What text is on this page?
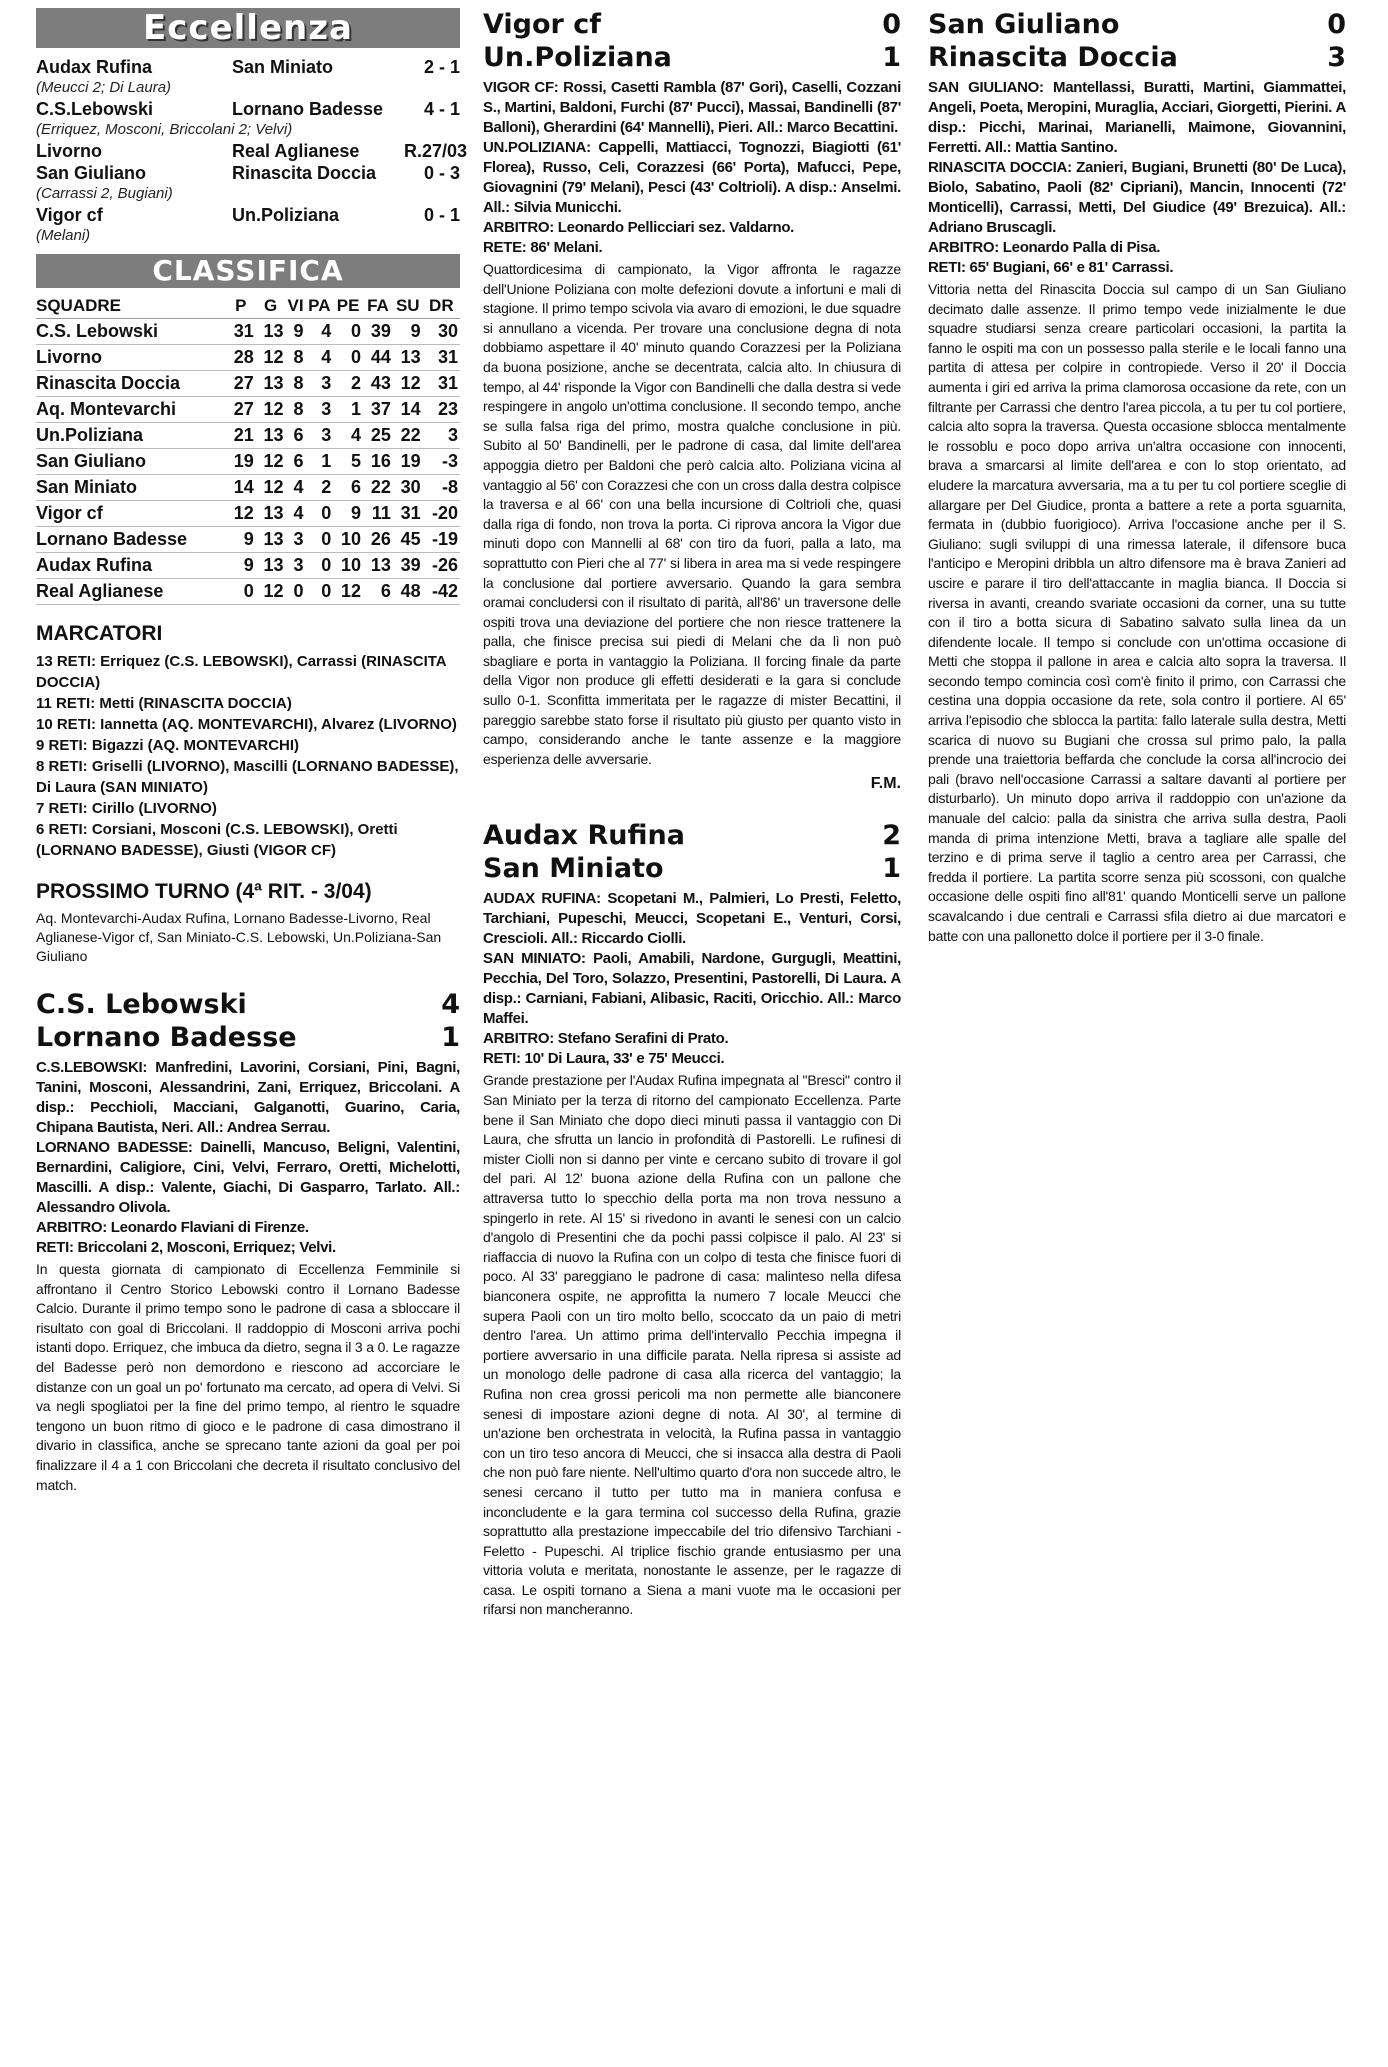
Eccellenza
Audax Rufina	San Miniato	2 - 1
(Meucci 2; Di Laura)
C.S.Lebowski	Lornano Badesse	4 - 1
(Erriquez, Mosconi, Briccolani 2; Velvi)
Livorno	Real Aglianese	R.27/03
San Giuliano	Rinascita Doccia	0 - 3
(Carrassi 2, Bugiani)
Vigor cf	Un.Poliziana	0 - 1
(Melani)
CLASSIFICA
SQUADRE	P	G	VI	PA	PE	FA	SU	DR
C.S. Lebowski	31	13	9	4	0	39	9	30
Livorno	28	12	8	4	0	44	13	31
Rinascita Doccia	27	13	8	3	2	43	12	31
Aq. Montevarchi	27	12	8	3	1	37	14	23
Un.Poliziana	21	13	6	3	4	25	22	3
San Giuliano	19	12	6	1	5	16	19	-3
San Miniato	14	12	4	2	6	22	30	-8
Vigor cf	12	13	4	0	9	11	31	-20
Lornano Badesse	9	13	3	0	10	26	45	-19
Audax Rufina	9	13	3	0	10	13	39	-26
Real Aglianese	0	12	0	0	12	6	48	-42
MARCATORI
13 RETI: Erriquez (C.S. LEBOWSKI), Carrassi (RINASCITA DOCCIA)
11 RETI: Metti (RINASCITA DOCCIA)
10 RETI: Iannetta (AQ. MONTEVARCHI), Alvarez (LIVORNO)
9 RETI: Bigazzi (AQ. MONTEVARCHI)
8 RETI: Griselli (LIVORNO), Mascilli (LORNANO BADESSE), Di Laura (SAN MINIATO)
7 RETI: Cirillo (LIVORNO)
6 RETI: Corsiani, Mosconi (C.S. LEBOWSKI), Oretti (LORNANO BADESSE), Giusti (VIGOR CF)
PROSSIMO TURNO (4ª RIT. - 3/04)
Aq. Montevarchi-Audax Rufina, Lornano Badesse-Livorno, Real Aglianese-Vigor cf, San Miniato-C.S. Lebowski, Un.Poliziana-San Giuliano
C.S. Lebowski	4
Lornano Badesse	1

C.S.LEBOWSKI: Manfredini, Lavorini, Corsiani, Pini, Bagni, Tanini, Mosconi, Alessandrini, Zani, Erriquez, Briccolani. A disp.: Pecchioli, Macciani, Galganotti, Guarino, Caria, Chipana Bautista, Neri. All.: Andrea Serrau.

LORNANO BADESSE: Dainelli, Mancuso, Beligni, Valentini, Bernardini, Caligiore, Cini, Velvi, Ferraro, Oretti, Michelotti, Mascilli. A disp.: Valente, Giachi, Di Gasparro, Tarlato. All.: Alessandro Olivola.

ARBITRO: Leonardo Flaviani di Firenze.

RETI: Briccolani 2, Mosconi, Erriquez; Velvi.

In questa giornata di campionato di Eccellenza Femminile si affrontano il Centro Storico Lebowski contro il Lornano Badesse Calcio. Durante il primo tempo sono le padrone di casa a sbloccare il risultato con goal di Briccolani. Il raddoppio di Mosconi arriva pochi istanti dopo. Erriquez, che imbuca da dietro, segna il 3 a 0. Le ragazze del Badesse però non demordono e riescono ad accorciare le distanze con un goal un po' fortunato ma cercato, ad opera di Velvi. Si va negli spogliatoi per la fine del primo tempo, al rientro le squadre tengono un buon ritmo di gioco e le padrone di casa dimostrano il divario in classifica, anche se sprecano tante azioni da goal per poi finalizzare il 4 a 1 con Briccolani che decreta il risultato conclusivo del match.

Vigor cf	0
Un.Poliziana	1

VIGOR CF: Rossi, Casetti Rambla (87' Gori), Caselli, Cozzani S., Martini, Baldoni, Furchi (87' Pucci), Massai, Bandinelli (87' Balloni), Gherardini (64' Mannelli), Pieri. All.: Marco Becattini.

UN.POLIZIANA: Cappelli, Mattiacci, Tognozzi, Biagiotti (61' Florea), Russo, Celi, Corazzesi (66' Porta), Mafucci, Pepe, Giovagnini (79' Melani), Pesci (43' Coltrioli). A disp.: Anselmi. All.: Silvia Municchi.

ARBITRO: Leonardo Pellicciari sez. Valdarno.

RETE: 86' Melani.

Quattordicesima di campionato, la Vigor affronta le ragazze dell'Unione Poliziana con molte defezioni dovute a infortuni e mali di stagione. Il primo tempo scivola via avaro di emozioni, le due squadre si annullano a vicenda. Per trovare una conclusione degna di nota dobbiamo aspettare il 40' minuto quando Corazzesi per la Poliziana da buona posizione, anche se decentrata, calcia alto. In chiusura di tempo, al 44' risponde la Vigor con Bandinelli che dalla destra si vede respingere in angolo un'ottima conclusione. Il secondo tempo, anche se sulla falsa riga del primo, mostra qualche conclusione in più. Subito al 50' Bandinelli, per le padrone di casa, dal limite dell'area appoggia dietro per Baldoni che però calcia alto. Poliziana vicina al vantaggio al 56' con Corazzesi che con un cross dalla destra colpisce la traversa e al 66' con una bella incursione di Coltrioli che, quasi dalla riga di fondo, non trova la porta. Ci riprova ancora la Vigor due minuti dopo con Mannelli al 68' con tiro da fuori, palla a lato, ma soprattutto con Pieri che al 77' si libera in area ma si vede respingere la conclusione dal portiere avversario. Quando la gara sembra oramai concludersi con il risultato di parità, all'86' un traversone delle ospiti trova una deviazione del portiere che non riesce trattenere la palla, che finisce precisa sui piedi di Melani che da lì non può sbagliare e porta in vantaggio la Poliziana. Il forcing finale da parte della Vigor non produce gli effetti desiderati e la gara si conclude sullo 0-1. Sconfitta immeritata per le ragazze di mister Becattini, il pareggio sarebbe stato forse il risultato più giusto per quanto visto in campo, considerando anche le tante assenze e la maggiore esperienza delle avversarie.

F.M.
Audax Rufina	2
San Miniato	1

AUDAX RUFINA: Scopetani M., Palmieri, Lo Presti, Feletto, Tarchiani, Pupeschi, Meucci, Scopetani E., Venturi, Corsi, Crescioli. All.: Riccardo Ciolli.

SAN MINIATO: Paoli, Amabili, Nardone, Gurgugli, Meattini, Pecchia, Del Toro, Solazzo, Presentini, Pastorelli, Di Laura. A disp.: Carniani, Fabiani, Alibasic, Raciti, Oricchio. All.: Marco Maffei.

ARBITRO: Stefano Serafini di Prato.

RETI: 10' Di Laura, 33' e 75' Meucci.

Grande prestazione per l'Audax Rufina impegnata al "Bresci" contro il San Miniato per la terza di ritorno del campionato Eccellenza. Parte bene il San Miniato che dopo dieci minuti passa il vantaggio con Di Laura, che sfrutta un lancio in profondità di Pastorelli. Le rufinesi di mister Ciolli non si danno per vinte e cercano subito di trovare il gol del pari. Al 12' buona azione della Rufina con un pallone che attraversa tutto lo specchio della porta ma non trova nessuno a spingerlo in rete. Al 15' si rivedono in avanti le senesi con un calcio d'angolo di Presentini che da pochi passi colpisce il palo. Al 23' si riaffaccia di nuovo la Rufina con un colpo di testa che finisce fuori di poco. Al 33' pareggiano le padrone di casa: malinteso nella difesa bianconera ospite, ne approfitta la numero 7 locale Meucci che supera Paoli con un tiro molto bello, scoccato da un paio di metri dentro l'area. Un attimo prima dell'intervallo Pecchia impegna il portiere avversario in una difficile parata. Nella ripresa si assiste ad un monologo delle padrone di casa alla ricerca del vantaggio; la Rufina non crea grossi pericoli ma non permette alle bianconere senesi di impostare azioni degne di nota. Al 30', al termine di un'azione ben orchestrata in velocità, la Rufina passa in vantaggio con un tiro teso ancora di Meucci, che si insacca alla destra di Paoli che non può fare niente. Nell'ultimo quarto d'ora non succede altro, le senesi cercano il tutto per tutto ma in maniera confusa e inconcludente e la gara termina col successo della Rufina, grazie soprattutto alla prestazione impeccabile del trio difensivo Tarchiani - Feletto - Pupeschi. Al triplice fischio grande entusiasmo per una vittoria voluta e meritata, nonostante le assenze, per le ragazze di casa. Le ospiti tornano a Siena a mani vuote ma le occasioni per rifarsi non mancheranno.

San Giuliano	0
Rinascita Doccia	3

SAN GIULIANO: Mantellassi, Buratti, Martini, Giammattei, Angeli, Poeta, Meropini, Muraglia, Acciari, Giorgetti, Pierini. A disp.: Picchi, Marinai, Marianelli, Maimone, Giovannini, Ferretti. All.: Mattia Santino.

RINASCITA DOCCIA: Zanieri, Bugiani, Brunetti (80' De Luca), Biolo, Sabatino, Paoli (82' Cipriani), Mancin, Innocenti (72' Monticelli), Carrassi, Metti, Del Giudice (49' Brezuica). All.: Adriano Bruscagli.

ARBITRO: Leonardo Palla di Pisa.

RETI: 65' Bugiani, 66' e 81' Carrassi.

Vittoria netta del Rinascita Doccia sul campo di un San Giuliano decimato dalle assenze. Il primo tempo vede inizialmente le due squadre studiarsi senza creare particolari occasioni, la partita la fanno le ospiti ma con un possesso palla sterile e le locali fanno una partita di attesa per colpire in contropiede. Verso il 20' il Doccia aumenta i giri ed arriva la prima clamorosa occasione da rete, con un filtrante per Carrassi che dentro l'area piccola, a tu per tu col portiere, calcia alto sopra la traversa. Questa occasione sblocca mentalmente le rossoblu e poco dopo arriva un'altra occasione con innocenti, brava a smarcarsi al limite dell'area e con lo stop orientato, ad eludere la marcatura avversaria, ma a tu per tu col portiere sceglie di allargare per Del Giudice, pronta a battere a rete a porta sguarnita, fermata in (dubbio fuorigioco). Arriva l'occasione anche per il S. Giuliano: sugli sviluppi di una rimessa laterale, il difensore buca l'anticipo e Meropini dribbla un altro difensore ma è brava Zanieri ad uscire e parare il tiro dell'attaccante in maglia bianca. Il Doccia si riversa in avanti, creando svariate occasioni da corner, una su tutte con il tiro a botta sicura di Sabatino salvato sulla linea da un difendente locale. Il tempo si conclude con un'ottima occasione di Metti che stoppa il pallone in area e calcia alto sopra la traversa. Il secondo tempo comincia così com'è finito il primo, con Carrassi che cestina una doppia occasione da rete, sola contro il portiere. Al 65' arriva l'episodio che sblocca la partita: fallo laterale sulla destra, Metti scarica di nuovo su Bugiani che crossa sul primo palo, la palla prende una traiettoria beffarda che conclude la corsa all'incrocio dei pali (bravo nell'occasione Carrassi a saltare davanti al portiere per disturbarlo). Un minuto dopo arriva il raddoppio con un'azione da manuale del calcio: palla da sinistra che arriva sulla destra, Paoli manda di prima intenzione Metti, brava a tagliare alle spalle del terzino e di prima serve il taglio a centro area per Carrassi, che fredda il portiere. La partita scorre senza più scossoni, con qualche occasione delle ospiti fino all'81' quando Monticelli serve un pallone scavalcando i due centrali e Carrassi sfila dietro ai due marcatori e batte con una pallonetto dolce il portiere per il 3-0 finale.
